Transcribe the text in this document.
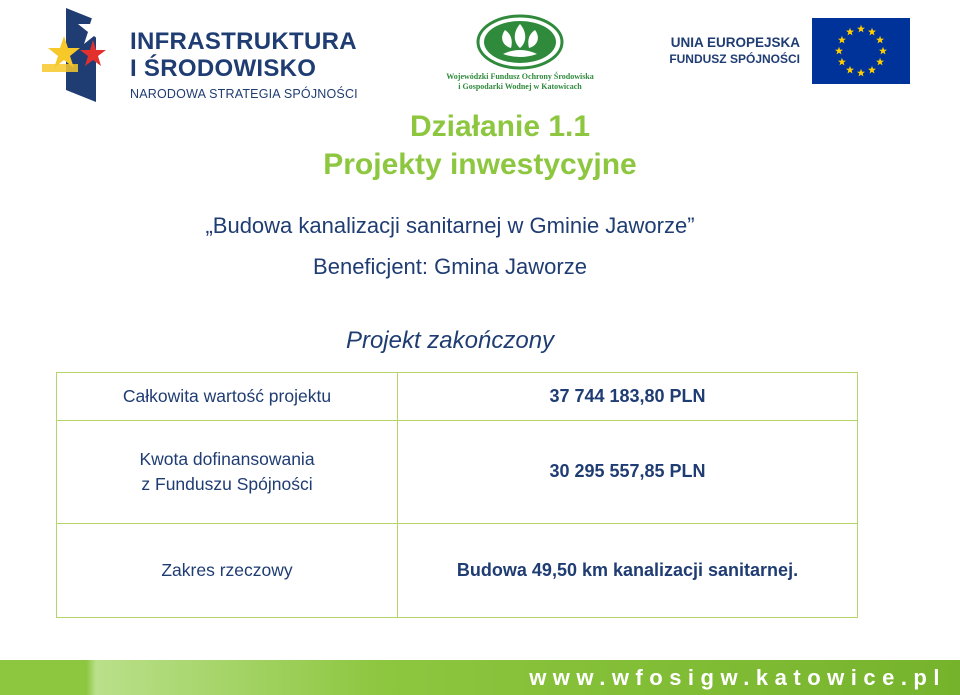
INFRASTRUKTURA
I ŚRODOWISKO
NARODOWA STRATEGIA SPÓJNOŚCI
Wojewódzki Fundusz Ochrony Środowiska
i Gospodarki Wodnej w Katowicach
UNIA EUROPEJSKA
FUNDUSZ SPÓJNOŚCI
Działanie 1.1
Projekty inwestycyjne
„Budowa kanalizacji sanitarnej w Gminie Jaworze”
Beneficjent: Gmina Jaworze
Projekt zakończony
Całkowita wartość projektu	37 744 183,80 PLN

Kwota dofinansowania
z Funduszu Spójności	30 295 557,85 PLN
Zakres rzeczowy	Budowa 49,50 km kanalizacji sanitarnej.
www.wfosigw.katowice.pl
